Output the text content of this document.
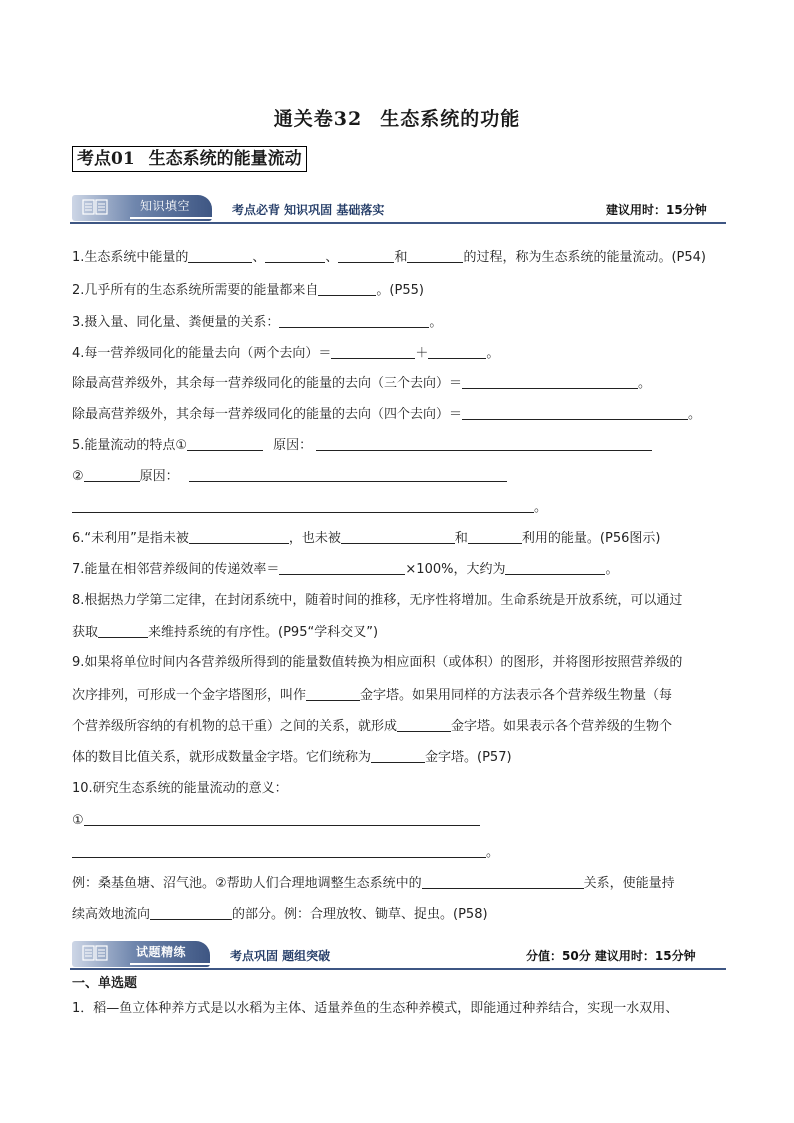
通关卷32 生态系统的功能
考点01 生态系统的能量流动
知识填空	考点必背 知识巩固 基础落实	建议用时：15分钟
1.生态系统中能量的	、	、	和	的过程，称为生态系统的能量流动。(P54)
2.几乎所有的生态系统所需要的能量都来自	。(P55)
3.摄入量、同化量、粪便量的关系：	。
4.每一营养级同化的能量去向（两个去向）＝	＋	。
除最高营养级外，其余每一营养级同化的能量的去向（三个去向）＝	。
除最高营养级外，其余每一营养级同化的能量的去向（四个去向）＝	。
5.能量流动的特点①	原因：
②	原因：
。
6.“未利用”是指未被	，也未被	和	利用的能量。(P56图示)
7.能量在相邻营养级间的传递效率＝	×100%，大约为	。
8.根据热力学第二定律，在封闭系统中，随着时间的推移，无序性将增加。生命系统是开放系统，可以通过
获取	来维持系统的有序性。(P95“学科交叉”)
9.如果将单位时间内各营养级所得到的能量数值转换为相应面积（或体积）的图形，并将图形按照营养级的
次序排列，可形成一个金字塔图形，叫作	金字塔。如果用同样的方法表示各个营养级生物量（每
个营养级所容纳的有机物的总干重）之间的关系，就形成	金字塔。如果表示各个营养级的生物个
体的数目比值关系，就形成数量金字塔。它们统称为	金字塔。(P57)
10.研究生态系统的能量流动的意义：
①
。
例：桑基鱼塘、沼气池。②帮助人们合理地调整生态系统中的	关系，使能量持
续高效地流向	的部分。例：合理放牧、锄草、捉虫。(P58)
试题精练	考点巩固 题组突破	分值：50分 建议用时：15分钟
一、单选题
1．稻—鱼立体种养方式是以水稻为主体、适量养鱼的生态种养模式，即能通过种养结合，实现一水双用、
